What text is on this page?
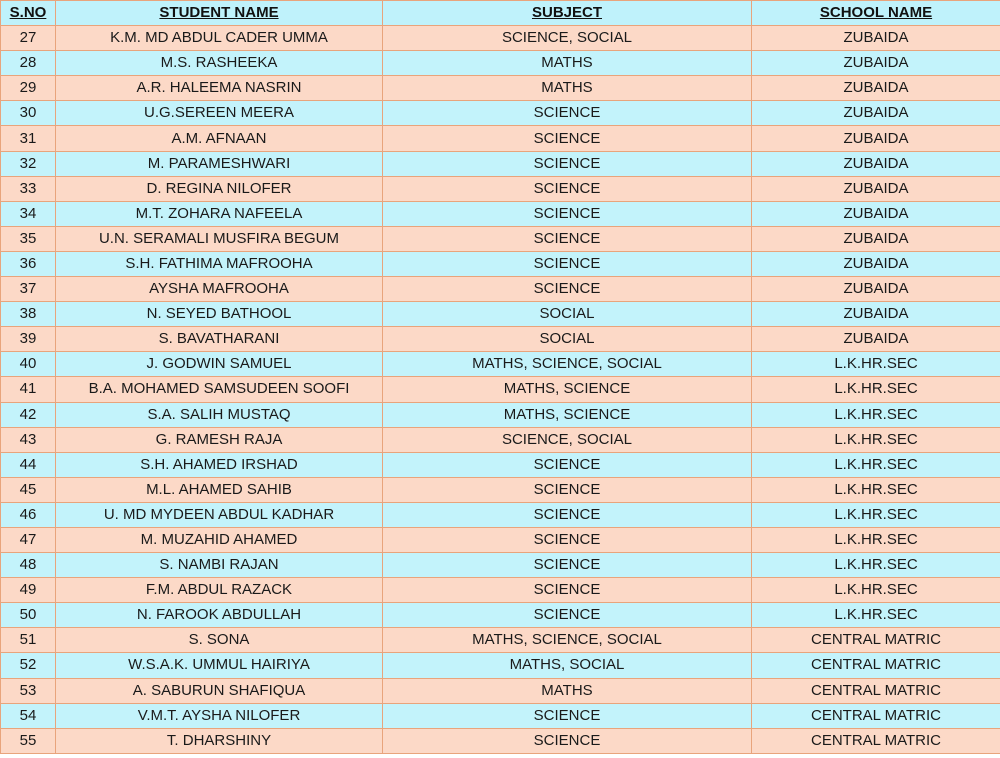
S.NO	STUDENT NAME	SUBJECT	SCHOOL NAME
27	K.M. MD ABDUL CADER UMMA	SCIENCE, SOCIAL	ZUBAIDA
28	M.S. RASHEEKA	MATHS	ZUBAIDA
29	A.R. HALEEMA NASRIN	MATHS	ZUBAIDA
30	U.G.SEREEN MEERA	SCIENCE	ZUBAIDA
31	A.M. AFNAAN	SCIENCE	ZUBAIDA
32	M. PARAMESHWARI	SCIENCE	ZUBAIDA
33	D. REGINA NILOFER	SCIENCE	ZUBAIDA
34	M.T. ZOHARA NAFEELA	SCIENCE	ZUBAIDA
35	U.N. SERAMALI MUSFIRA BEGUM	SCIENCE	ZUBAIDA
36	S.H. FATHIMA MAFROOHA	SCIENCE	ZUBAIDA
37	AYSHA MAFROOHA	SCIENCE	ZUBAIDA
38	N. SEYED BATHOOL	SOCIAL	ZUBAIDA
39	S. BAVATHARANI	SOCIAL	ZUBAIDA
40	J. GODWIN SAMUEL	MATHS, SCIENCE, SOCIAL	L.K.HR.SEC
41	B.A. MOHAMED SAMSUDEEN SOOFI	MATHS, SCIENCE	L.K.HR.SEC
42	S.A. SALIH MUSTAQ	MATHS, SCIENCE	L.K.HR.SEC
43	G. RAMESH RAJA	SCIENCE, SOCIAL	L.K.HR.SEC
44	S.H. AHAMED IRSHAD	SCIENCE	L.K.HR.SEC
45	M.L. AHAMED SAHIB	SCIENCE	L.K.HR.SEC
46	U. MD MYDEEN ABDUL KADHAR	SCIENCE	L.K.HR.SEC
47	M. MUZAHID AHAMED	SCIENCE	L.K.HR.SEC
48	S. NAMBI RAJAN	SCIENCE	L.K.HR.SEC
49	F.M. ABDUL RAZACK	SCIENCE	L.K.HR.SEC
50	N. FAROOK ABDULLAH	SCIENCE	L.K.HR.SEC
51	S. SONA	MATHS, SCIENCE, SOCIAL	CENTRAL MATRIC
52	W.S.A.K. UMMUL HAIRIYA	MATHS, SOCIAL	CENTRAL MATRIC
53	A. SABURUN SHAFIQUA	MATHS	CENTRAL MATRIC
54	V.M.T. AYSHA NILOFER	SCIENCE	CENTRAL MATRIC
55	T. DHARSHINY	SCIENCE	CENTRAL MATRIC
